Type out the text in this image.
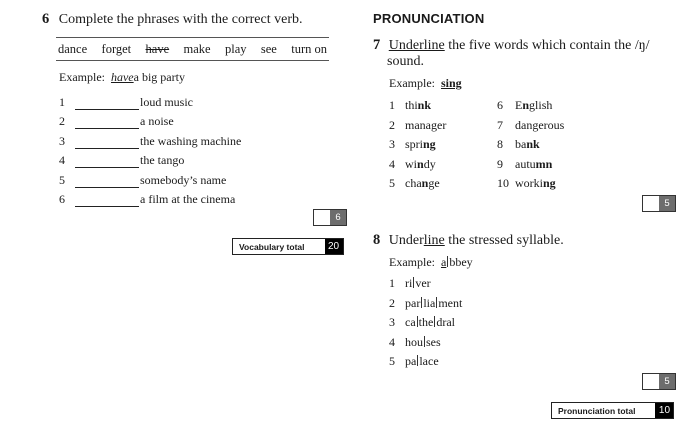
6 Complete the phrases with the correct verb.
dance forget have make play see turn on
Example: havea big party
1	loud music
2	a noise
3	the washing machine
4	the tango
5	somebody’s name
6	a film at the cinema
6
Vocabulary total	20
PRONUNCIATION
7 Underline the five words which contain the /ŋ/
sound.
Example: sing
1 think
2 manager
3 spring
4 windy
5 change
6 English
7 dangerous
8 bank
9 autumn
10 working
5
8 Underline the stressed syllable.
Example: a bbey
1 ri ver
2 par lia ment
3 ca the dral
4 hou ses
5 pa lace
5
Pronunciation total	10
